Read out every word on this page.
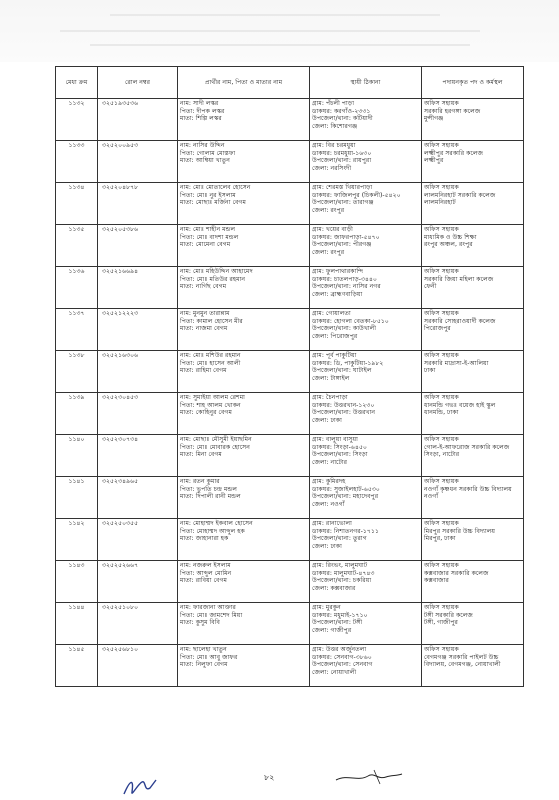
মেধা ক্রম	রোল নম্বর	প্রার্থীর নাম, পিতা ও মাতার নাম	স্থায়ী ঠিকানা	পদায়নকৃত পদ ও কর্মস্থল
১১৩২	৩২৫১৯৩৫৩৬	নাম: সাদী লস্কর
পিতা: দীপক লস্কর
মাতা: শিল্পি লস্কর	গ্রাম: পঁচলী পাড়া
ডাকঘর: করগাঁও-২৩৩১
উপজেলা/থানা: কটিয়াদী
জেলা: কিশোরগঞ্জ	অফিস সহায়ক
সরকারি হরগঙ্গা কলেজ
মুন্সীগঞ্জ

১১৩৩	৩২৫২০০৯৫৩	নাম: নাসির উদ্দিন
পিতা: গোলাম মোস্তফা
মাতা: আম্বিয়া খাতুন	গ্রাম: বির চরমধুয়া
ডাকঘর: চরমধুয়া-১৬৩০
উপজেলা/থানা: রায়পুরা
জেলা: নরসিংদী	অফিস সহায়ক
লক্ষ্মীপুর সরকারি কলেজ
লক্ষ্মীপুর

১১৩৪	৩২৫২০৪৮৭৮	নাম: মোঃ মোতালেব হোসেন
পিতা: মোঃ নুর ইসলাম
মাতা: মোছাঃ মর্জিনা বেগম	গ্রাম: শেরমস্ত খিয়ারপাড়া
ডাকঘর: ফাজিলপুর (চিকলী)-৫৪২০
উপজেলা/থানা: তারাগঞ্জ
জেলা: রংপুর	অফিস সহায়ক
লালমনিরহাট সরকারি কলেজ
লালমনিরহাট

১১৩৫	৩২৫২০৫৩৮৬	নাম: মোঃ শাহীন মন্ডল
পিতা: মোঃ বাদশা মন্ডল
মাতা: মোমেনা বেগম	গ্রাম: খয়ের বাড়ী
ডাকঘর: জাফরপাড়া-৫৪৭০
উপজেলা/থানা: পীরগঞ্জ
জেলা: রংপুর	অফিস সহায়ক
মাধ্যমিক ও উচ্চ শিক্ষা
রংপুর অঞ্চল, রংপুর

১১৩৬	৩২৫২১৬৬৯৪	নাম: মোঃ মহিউদ্দিন আহামেদ
পিতা: মোঃ মতিউর রহমান
মাতা: নার্গিছ বেগম	গ্রাম: ফুলপাথারকান্দি
ডাকঘর: চাতলপাড়-৩৪৪০
উপজেলা/থানা: নাসির নগর
জেলা: ব্রাহ্মণবাড়িয়া	অফিস সহায়ক
সরকারি জিয়া মহিলা কলেজ
ফেনী

১১৩৭	৩২৫২১২২২৩	নাম: মুনমুন তারান্নাম
পিতা: কামাল হোসেন মীর
মাতা: নাজমা বেগম	গ্রাম: গোয়ালতা
ডাকঘর: হোগলা বেতকা-৮৫১০
উপজেলা/থানা: কাউখালী
জেলা: পিরোজপুর	অফিস সহায়ক
সরকারি সোহরাওয়ার্দী কলেজ
পিরোজপুর

১১৩৮	৩২৫২১৬৩০৬	নাম: মোঃ মশিউর রহমান
পিতা: মোঃ হাসেন আলী
মাতা: রাহিমা বেগম	গ্রাম: পূর্ব পাকুটিয়া
ডাকঘর: ডি, পাকুটিয়া-১৯৮২
উপজেলা/থানা: ঘাটাইল
জেলা: টাঙ্গাইল	অফিস সহায়ক
সরকারি মাদ্রাসা-ই-আলিয়া
ঢাকা

১১৩৯	৩২৫২৩০৪৫৩	নাম: সুমাইয়া আলম রেশমা
পিতা: শাহ আলম খোকন
মাতা: কোহিনুর বেগম	গ্রাম: চৈনপাড়া
ডাকঘর: উত্তরখান-১২৩০
উপজেলা/থানা: উত্তরখান
জেলা: ঢাকা	অফিস সহায়ক
ধানমন্ডি গভঃ বয়েজ হাই স্কুল
ধানমন্ডি, ঢাকা

১১৪০	৩২৫২৩০৭৩৪	নাম: মোছাঃ মৌসুমী ইয়াছমিন
পিতা: মোঃ মোবারক হোসেন
মাতা: মিনা বেগম	গ্রাম: বালুয়া বাসুয়া
ডাকঘর: সিংড়া-৬৪৫০
উপজেলা/থানা: সিংড়া
জেলা: নাটোর	অফিস সহায়ক
গোল-ই-আফরোজ সরকারি কলেজ
সিংড়া, নাটোর

১১৪১	৩২৫২৩৪৯৬৫	নাম: রতন কুমার
পিতা: ভুপতি চন্দ্র মন্ডল
মাতা: দিপালী রানী মন্ডল	গ্রাম: কুমিরদহ
ডাকঘর: সুজাইলহাট-৬৫৩০
উপজেলা/থানা: মহাদেবপুর
জেলা: নওগাঁ	অফিস সহায়ক
নওগাঁ কৃষ্ণধন সরকারি উচ্চ বিদ্যালয়
নওগাঁ

১১৪২	৩২৫২৫০৩৫৫	নাম: মোহাম্মদ ইকবাল হোসেন
পিতা: মোহাম্মদ আব্দুল হক
মাতা: জাহানারা হক	গ্রাম: রানাভোলা
ডাকঘর: নিশাতনগর-১৭১১
উপজেলা/থানা: তুরাগ
জেলা: ঢাকা	অফিস সহায়ক
মিরপুর সরকারি উচ্চ বিদ্যালয়
মিরপুর, ঢাকা

১১৪৩	৩২৫২৫২৬৬৭	নাম: নজরুল ইসলাম
পিতা: আব্দুল মোমিন
মাতা: রাবিয়া বেগম	গ্রাম: রিংভং, মালুমঘাট
ডাকঘর: মালুমঘাট-৪৭৪৩
উপজেলা/থানা: চকরিয়া
জেলা: কক্সবাজার	অফিস সহায়ক
কক্সবাজার সরকারি কলেজ
কক্সবাজার

১১৪৪	৩২৫২৫১০৮০	নাম: ফারজানা আক্তার
পিতা: মোঃ জামশেদ মিয়া
মাতা: কুসুম বিবি	গ্রাম: মুরকুন
ডাকঘর: মধুমাই-১৭১০
উপজেলা/থানা: টঙ্গী
জেলা: গাজীপুর	অফিস সহায়ক
টঙ্গী সরকারি কলেজ
টঙ্গী, গাজীপুর

১১৪৫	৩২৫২৫৬৮১০	নাম: ছালেহা খাতুন
পিতা: মোঃ আবু জাফর
মাতা: নিলুফা বেগম	গ্রাম: উত্তর অর্জুনতলা
ডাকঘর: সেনবাগ-৩৮৬০
উপজেলা/থানা: সেনবাগ
জেলা: নোয়াখালী	অফিস সহায়ক
বেগমগঞ্জ সরকারি পাইলট উচ্চ
বিদ্যালয়, বেগমগঞ্জ, নোয়াখালী
৮২
